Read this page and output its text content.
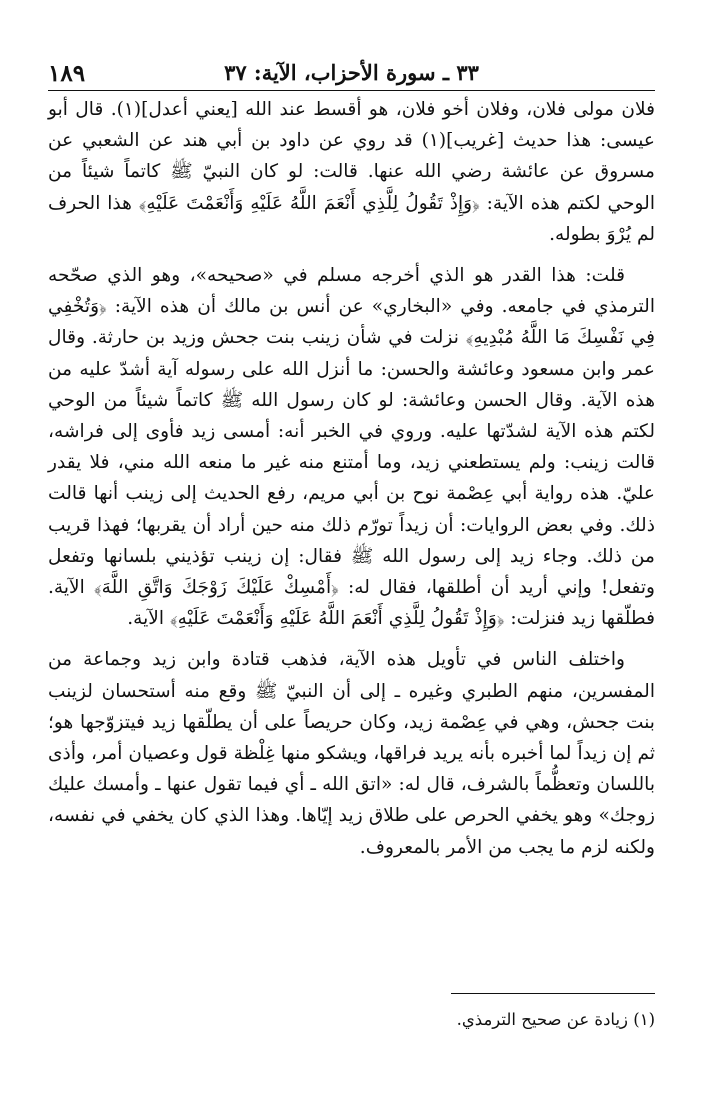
١٨٩	٣٣ ـ سورة الأحزاب، الآية: ٣٧

فلان مولى فلان، وفلان أخو فلان، هو أقسط عند الله [يعني أعدل](١). قال أبو عيسى: هذا حديث [غريب](١) قد روي عن داود بن أبي هند عن الشعبي عن مسروق عن عائشة رضي الله عنها. قالت: لو كان النبيّ ﷺ كاتماً شيئاً من الوحي لكتم هذه الآية: ﴿وَإِذْ تَقُولُ لِلَّذِي أَنْعَمَ اللَّهُ عَلَيْهِ وَأَنْعَمْتَ عَلَيْهِ﴾ هذا الحرف لم يُرْوَ بطوله.

قلت: هذا القدر هو الذي أخرجه مسلم في «صحيحه»، وهو الذي صحّحه الترمذي في جامعه. وفي «البخاري» عن أنس بن مالك أن هذه الآية: ﴿وَتُخْفِي فِي نَفْسِكَ مَا اللَّهُ مُبْدِيهِ﴾ نزلت في شأن زينب بنت جحش وزيد بن حارثة. وقال عمر وابن مسعود وعائشة والحسن: ما أنزل الله على رسوله آية أشدّ عليه من هذه الآية. وقال الحسن وعائشة: لو كان رسول الله ﷺ كاتماً شيئاً من الوحي لكتم هذه الآية لشدّتها عليه. وروي في الخبر أنه: أمسى زيد فأوى إلى فراشه، قالت زينب: ولم يستطعني زيد، وما أمتنع منه غير ما منعه الله مني، فلا يقدر عليّ. هذه رواية أبي عِصْمة نوح بن أبي مريم، رفع الحديث إلى زينب أنها قالت ذلك. وفي بعض الروايات: أن زيداً تورّم ذلك منه حين أراد أن يقربها؛ فهذا قريب من ذلك. وجاء زيد إلى رسول الله ﷺ فقال: إن زينب تؤذيني بلسانها وتفعل وتفعل! وإني أريد أن أطلقها، فقال له: ﴿أَمْسِكْ عَلَيْكَ زَوْجَكَ وَاتَّقِ اللَّهَ﴾ الآية. فطلّقها زيد فنزلت: ﴿وَإِذْ تَقُولُ لِلَّذِي أَنْعَمَ اللَّهُ عَلَيْهِ وَأَنْعَمْتَ عَلَيْهِ﴾ الآية.

واختلف الناس في تأويل هذه الآية، فذهب قتادة وابن زيد وجماعة من المفسرين، منهم الطبري وغيره ـ إلى أن النبيّ ﷺ وقع منه أستحسان لزينب بنت جحش، وهي في عِصْمة زيد، وكان حريصاً على أن يطلّقها زيد فيتزوّجها هو؛ ثم إن زيداً لما أخبره بأنه يريد فراقها، ويشكو منها غِلْظة قول وعصيان أمر، وأذى باللسان وتعظُّماً بالشرف، قال له: «اتق الله ـ أي فيما تقول عنها ـ وأمسك عليك زوجك» وهو يخفي الحرص على طلاق زيد إيّاها. وهذا الذي كان يخفي في نفسه، ولكنه لزم ما يجب من الأمر بالمعروف.

(١) زيادة عن صحيح الترمذي.
